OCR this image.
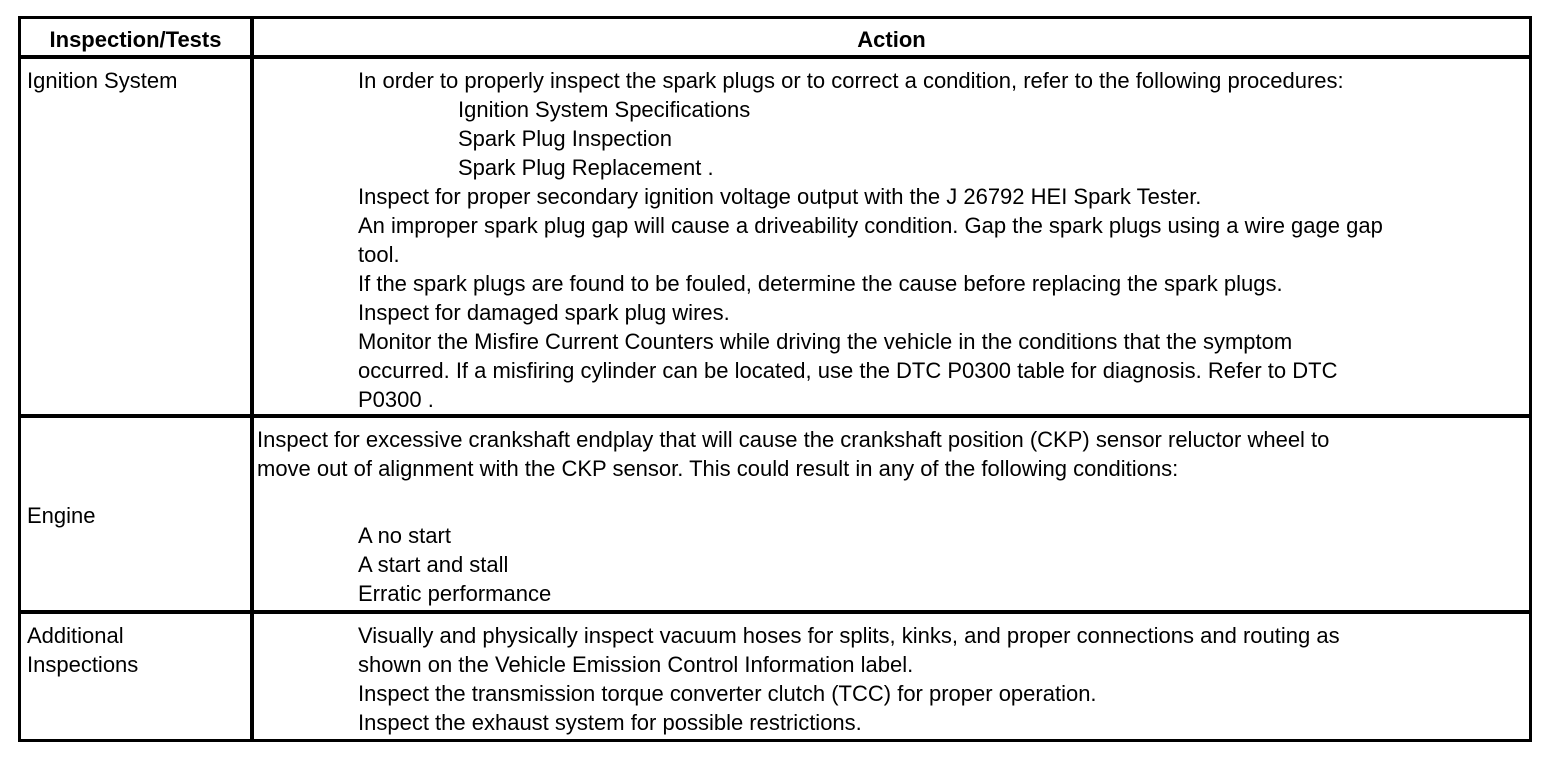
Inspection/Tests	Action
Ignition System	In order to properly inspect the spark plugs or to correct a condition, refer to the following procedures:
Ignition System Specifications
Spark Plug Inspection
Spark Plug Replacement .
Inspect for proper secondary ignition voltage output with the J 26792 HEI Spark Tester.
An improper spark plug gap will cause a driveability condition. Gap the spark plugs using a wire gage gap
tool.
If the spark plugs are found to be fouled, determine the cause before replacing the spark plugs.
Inspect for damaged spark plug wires.
Monitor the Misfire Current Counters while driving the vehicle in the conditions that the symptom
occurred. If a misfiring cylinder can be located, use the DTC P0300 table for diagnosis. Refer to DTC
P0300 .
Engine
Inspect for excessive crankshaft endplay that will cause the crankshaft position (CKP) sensor reluctor wheel to
move out of alignment with the CKP sensor. This could result in any of the following conditions:
A no start
A start and stall
Erratic performance
Additional
Inspections
Visually and physically inspect vacuum hoses for splits, kinks, and proper connections and routing as
shown on the Vehicle Emission Control Information label.
Inspect the transmission torque converter clutch (TCC) for proper operation.
Inspect the exhaust system for possible restrictions.
